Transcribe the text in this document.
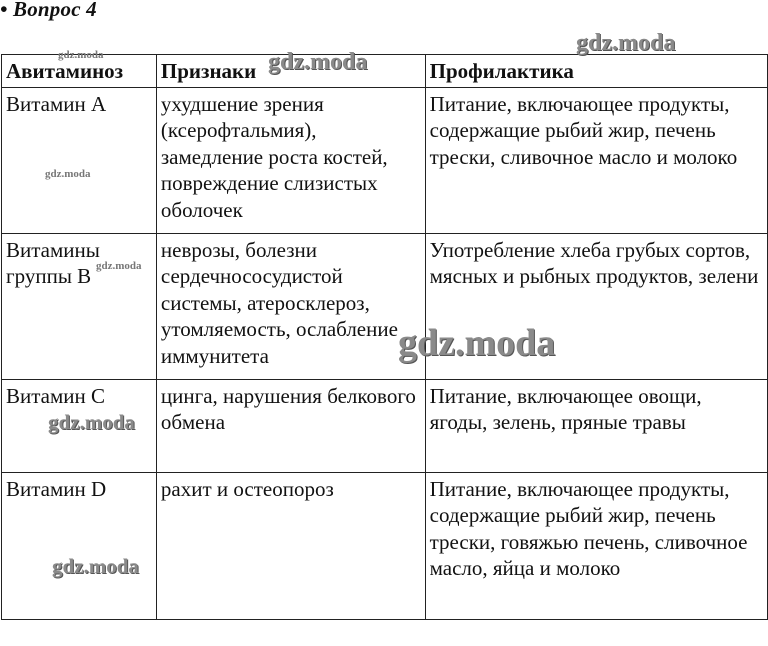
• Вопрос 4
Авитаминоз	Признаки	Профилактика
Витамин А	ухудшение зрения (ксерофтальмия), замедление роста костей, повреждение слизистых оболочек	Питание, включающее продукты, содержащие рыбий жир, печень трески, сливочное масло и молоко
Витамины группы В	неврозы, болезни сердечнососудистой системы, атеросклероз, утомляемость, ослабление иммунитета	Употребление хлеба грубых сортов, мясных и рыбных продуктов, зелени
Витамин С	цинга, нарушения белкового обмена	Питание, включающее овощи, ягоды, зелень, пряные травы
Витамин D	рахит и остеопороз	Питание, включающее продукты, содержащие рыбий жир, печень трески, говяжью печень, сливочное масло, яйца и молоко
gdz.moda	gdz.moda
gdz.moda
gdz.moda
gdz.moda
gdz.moda
gdz.moda
gdz.moda
